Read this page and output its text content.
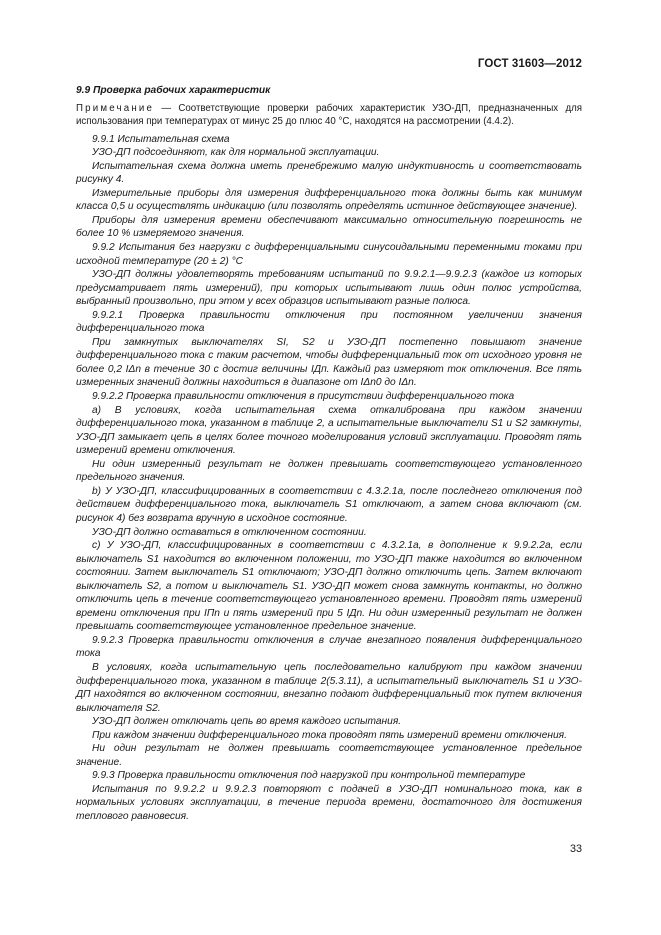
ГОСТ 31603—2012

9.9 Проверка рабочих характеристик

Примечание — Соответствующие проверки рабочих характеристик УЗО-ДП, предназначенных для использования при температурах от минус 25 до плюс 40 °С, находятся на рассмотрении (4.4.2).

9.9.1 Испытательная схема

УЗО-ДП подсоединяют, как для нормальной эксплуатации.

Испытательная схема должна иметь пренебрежимо малую индуктивность и соответствовать рисунку 4.

Измерительные приборы для измерения дифференциального тока должны быть как минимум класса 0,5 и осуществлять индикацию (или позволять определять истинное действующее значение).

Приборы для измерения времени обеспечивают максимально относительную погрешность не более 10 % измеряемого значения.

9.9.2 Испытания без нагрузки с дифференциальными синусоидальными переменными токами при исходной температуре (20 ± 2) °С

УЗО-ДП должны удовлетворять требованиям испытаний по 9.9.2.1—9.9.2.3 (каждое из которых предусматривает пять измерений), при которых испытывают лишь один полюс устройства, выбранный произвольно, при этом у всех образцов испытывают разные полюса.

9.9.2.1 Проверка правильности отключения при постоянном увеличении значения дифференциального тока

При замкнутых выключателях SI, S2 и УЗО-ДП постепенно повышают значение дифференциального тока с таким расчетом, чтобы дифференциальный ток от исходного уровня не более 0,2 IΔn в течение 30 с достиг величины IДп. Каждый раз измеряют ток отключения. Все пять измеренных значений должны находиться в диапазоне от IΔn0 до IΔn.

9.9.2.2 Проверка правильности отключения в присутствии дифференциального тока

а) В условиях, когда испытательная схема откалибрована при каждом значении дифференциального тока, указанном в таблице 2, а испытательные выключатели S1 и S2 замкнуты, УЗО-ДП замыкает цепь в целях более точного моделирования условий эксплуатации. Проводят пять измерений времени отключения.

Ни один измеренный результат не должен превышать соответствующего установленного предельного значения.

b) У УЗО-ДП, классифицированных в соответствии с 4.3.2.1а, после последнего отключения под действием дифференциального тока, выключатель S1 отключают, а затем снова включают (см. рисунок 4) без возврата вручную в исходное состояние.

УЗО-ДП должно оставаться в отключенном состоянии.

с) У УЗО-ДП, классифицированных в соответствии с 4.3.2.1а, в дополнение к 9.9.2.2а, если выключатель S1 находится во включенном положении, то УЗО-ДП также находится во включенном состоянии. Затем выключатель S1 отключают; УЗО-ДП должно отключить цепь. Затем включают выключатель S2, а потом и выключатель S1. УЗО-ДП может снова замкнуть контакты, но должно отключить цепь в течение соответствующего установленного времени. Проводят пять измерений времени отключения при IПn и пять измерений при 5 IДn. Ни один измеренный результат не должен превышать соответствующее установленное предельное значение.

9.9.2.3 Проверка правильности отключения в случае внезапного появления дифференциального тока

В условиях, когда испытательную цепь последовательно калибруют при каждом значении дифференциального тока, указанном в таблице 2(5.3.11), а испытательный выключатель S1 и УЗО-ДП находятся во включенном состоянии, внезапно подают дифференциальный ток путем включения выключателя S2.

УЗО-ДП должен отключать цепь во время каждого испытания.

При каждом значении дифференциального тока проводят пять измерений времени отключения.

Ни один результат не должен превышать соответствующее установленное предельное значение.

9.9.3 Проверка правильности отключения под нагрузкой при контрольной температуре

Испытания по 9.9.2.2 и 9.9.2.3 повторяют с подачей в УЗО-ДП номинального тока, как в нормальных условиях эксплуатации, в течение периода времени, достаточного для достижения теплового равновесия.

33
